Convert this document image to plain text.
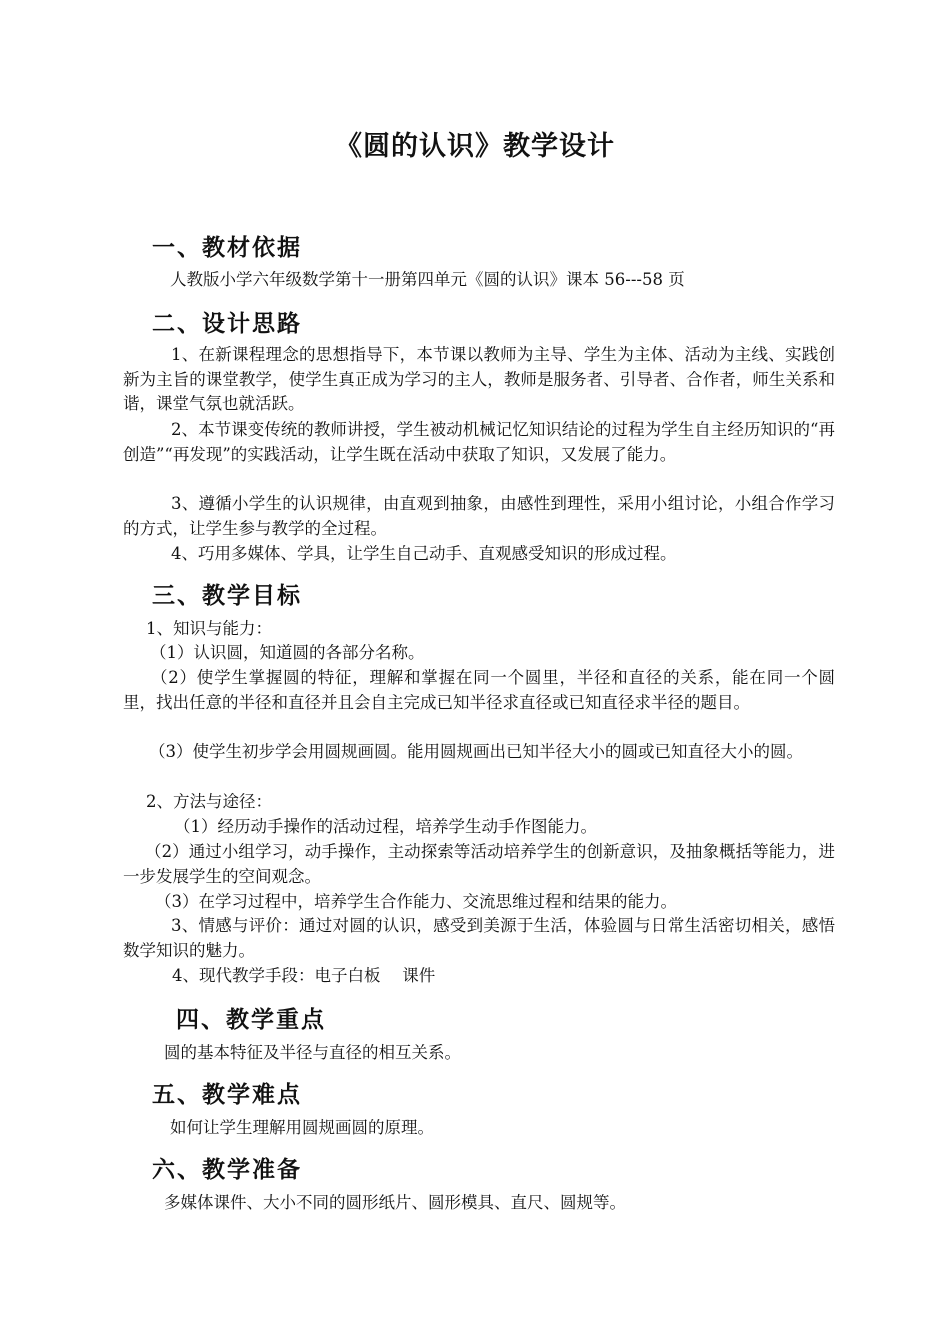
《圆的认识》教学设计
一、教材依据
人教版小学六年级数学第十一册第四单元《圆的认识》课本 56---58 页
二、设计思路
1、在新课程理念的思想指导下，本节课以教师为主导、学生为主体、活动为主线、实践创新为主旨的课堂教学，使学生真正成为学习的主人，教师是服务者、引导者、合作者，师生关系和谐，课堂气氛也就活跃。
2、本节课变传统的教师讲授，学生被动机械记忆知识结论的过程为学生自主经历知识的“再创造”“再发现”的实践活动，让学生既在活动中获取了知识，又发展了能力。
3、遵循小学生的认识规律，由直观到抽象，由感性到理性，采用小组讨论，小组合作学习的方式，让学生参与教学的全过程。
4、巧用多媒体、学具，让学生自己动手、直观感受知识的形成过程。
三、教学目标
1、知识与能力：
（1）认识圆，知道圆的各部分名称。
（2）使学生掌握圆的特征，理解和掌握在同一个圆里，半径和直径的关系，能在同一个圆里，找出任意的半径和直径并且会自主完成已知半径求直径或已知直径求半径的题目。
（3）使学生初步学会用圆规画圆。能用圆规画出已知半径大小的圆或已知直径大小的圆。
2、方法与途径：
（1）经历动手操作的活动过程，培养学生动手作图能力。
（2）通过小组学习，动手操作，主动探索等活动培养学生的创新意识，及抽象概括等能力，进一步发展学生的空间观念。
（3）在学习过程中，培养学生合作能力、交流思维过程和结果的能力。
3、情感与评价：通过对圆的认识，感受到美源于生活，体验圆与日常生活密切相关，感悟数学知识的魅力。
4、现代教学手段：电子白板　 课件
四、教学重点
圆的基本特征及半径与直径的相互关系。
五、教学难点
如何让学生理解用圆规画圆的原理。
六、教学准备
多媒体课件、大小不同的圆形纸片、圆形模具、直尺、圆规等。
